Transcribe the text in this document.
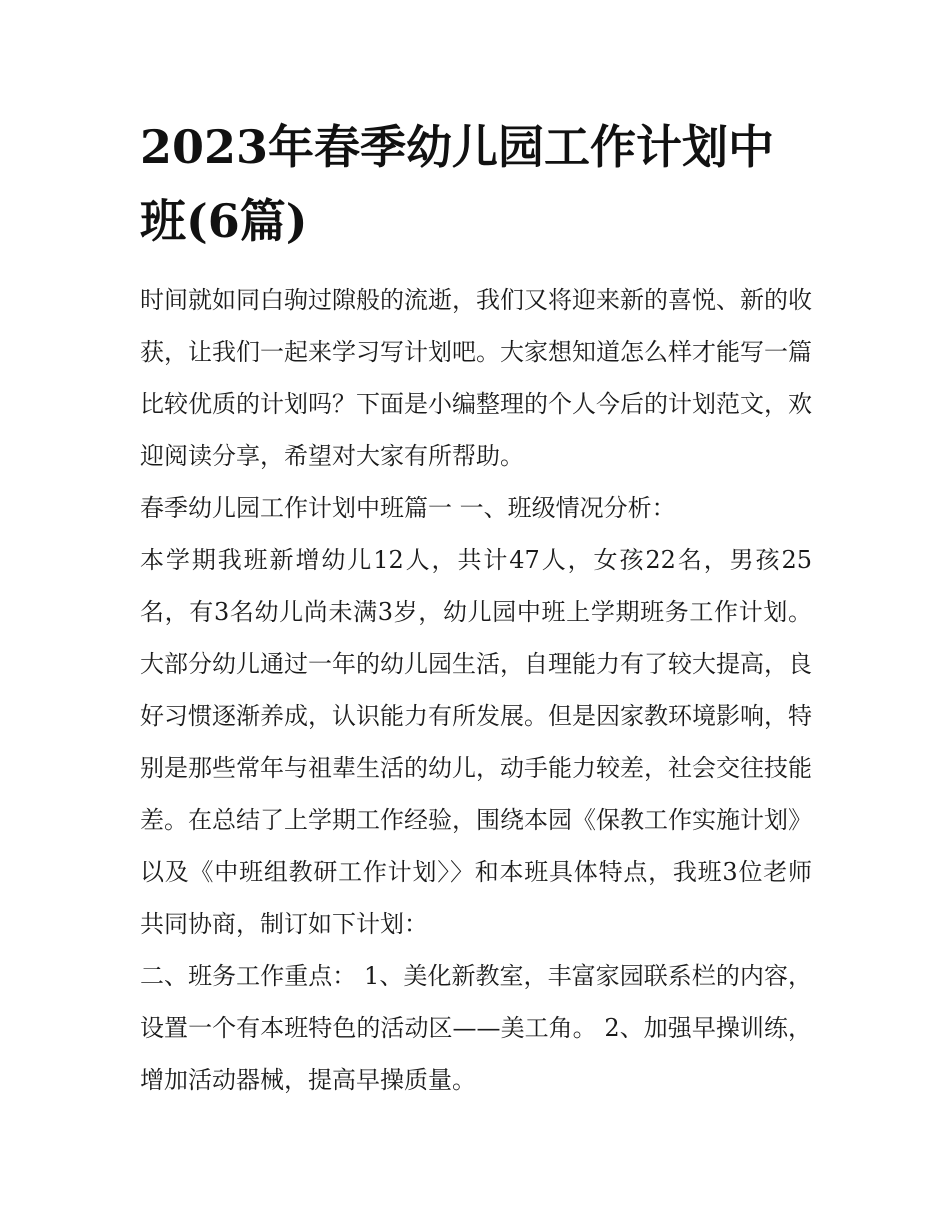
2023年春季幼儿园工作计划中班(6篇)

时间就如同白驹过隙般的流逝，我们又将迎来新的喜悦、新的收获，让我们一起来学习写计划吧。大家想知道怎么样才能写一篇比较优质的计划吗？下面是小编整理的个人今后的计划范文，欢迎阅读分享，希望对大家有所帮助。

春季幼儿园工作计划中班篇一 一、班级情况分析：

本学期我班新增幼儿12人，共计47人，女孩22名，男孩25名，有3名幼儿尚未满3岁，幼儿园中班上学期班务工作计划。大部分幼儿通过一年的幼儿园生活，自理能力有了较大提高，良好习惯逐渐养成，认识能力有所发展。但是因家教环境影响，特别是那些常年与祖辈生活的幼儿，动手能力较差，社会交往技能差。在总结了上学期工作经验，围绕本园《保教工作实施计划》以及《中班组教研工作计划〉〉和本班具体特点，我班3位老师共同协商，制订如下计划：

二、班务工作重点： 1、美化新教室，丰富家园联系栏的内容，设置一个有本班特色的活动区——美工角。 2、加强早操训练，增加活动器械，提高早操质量。
